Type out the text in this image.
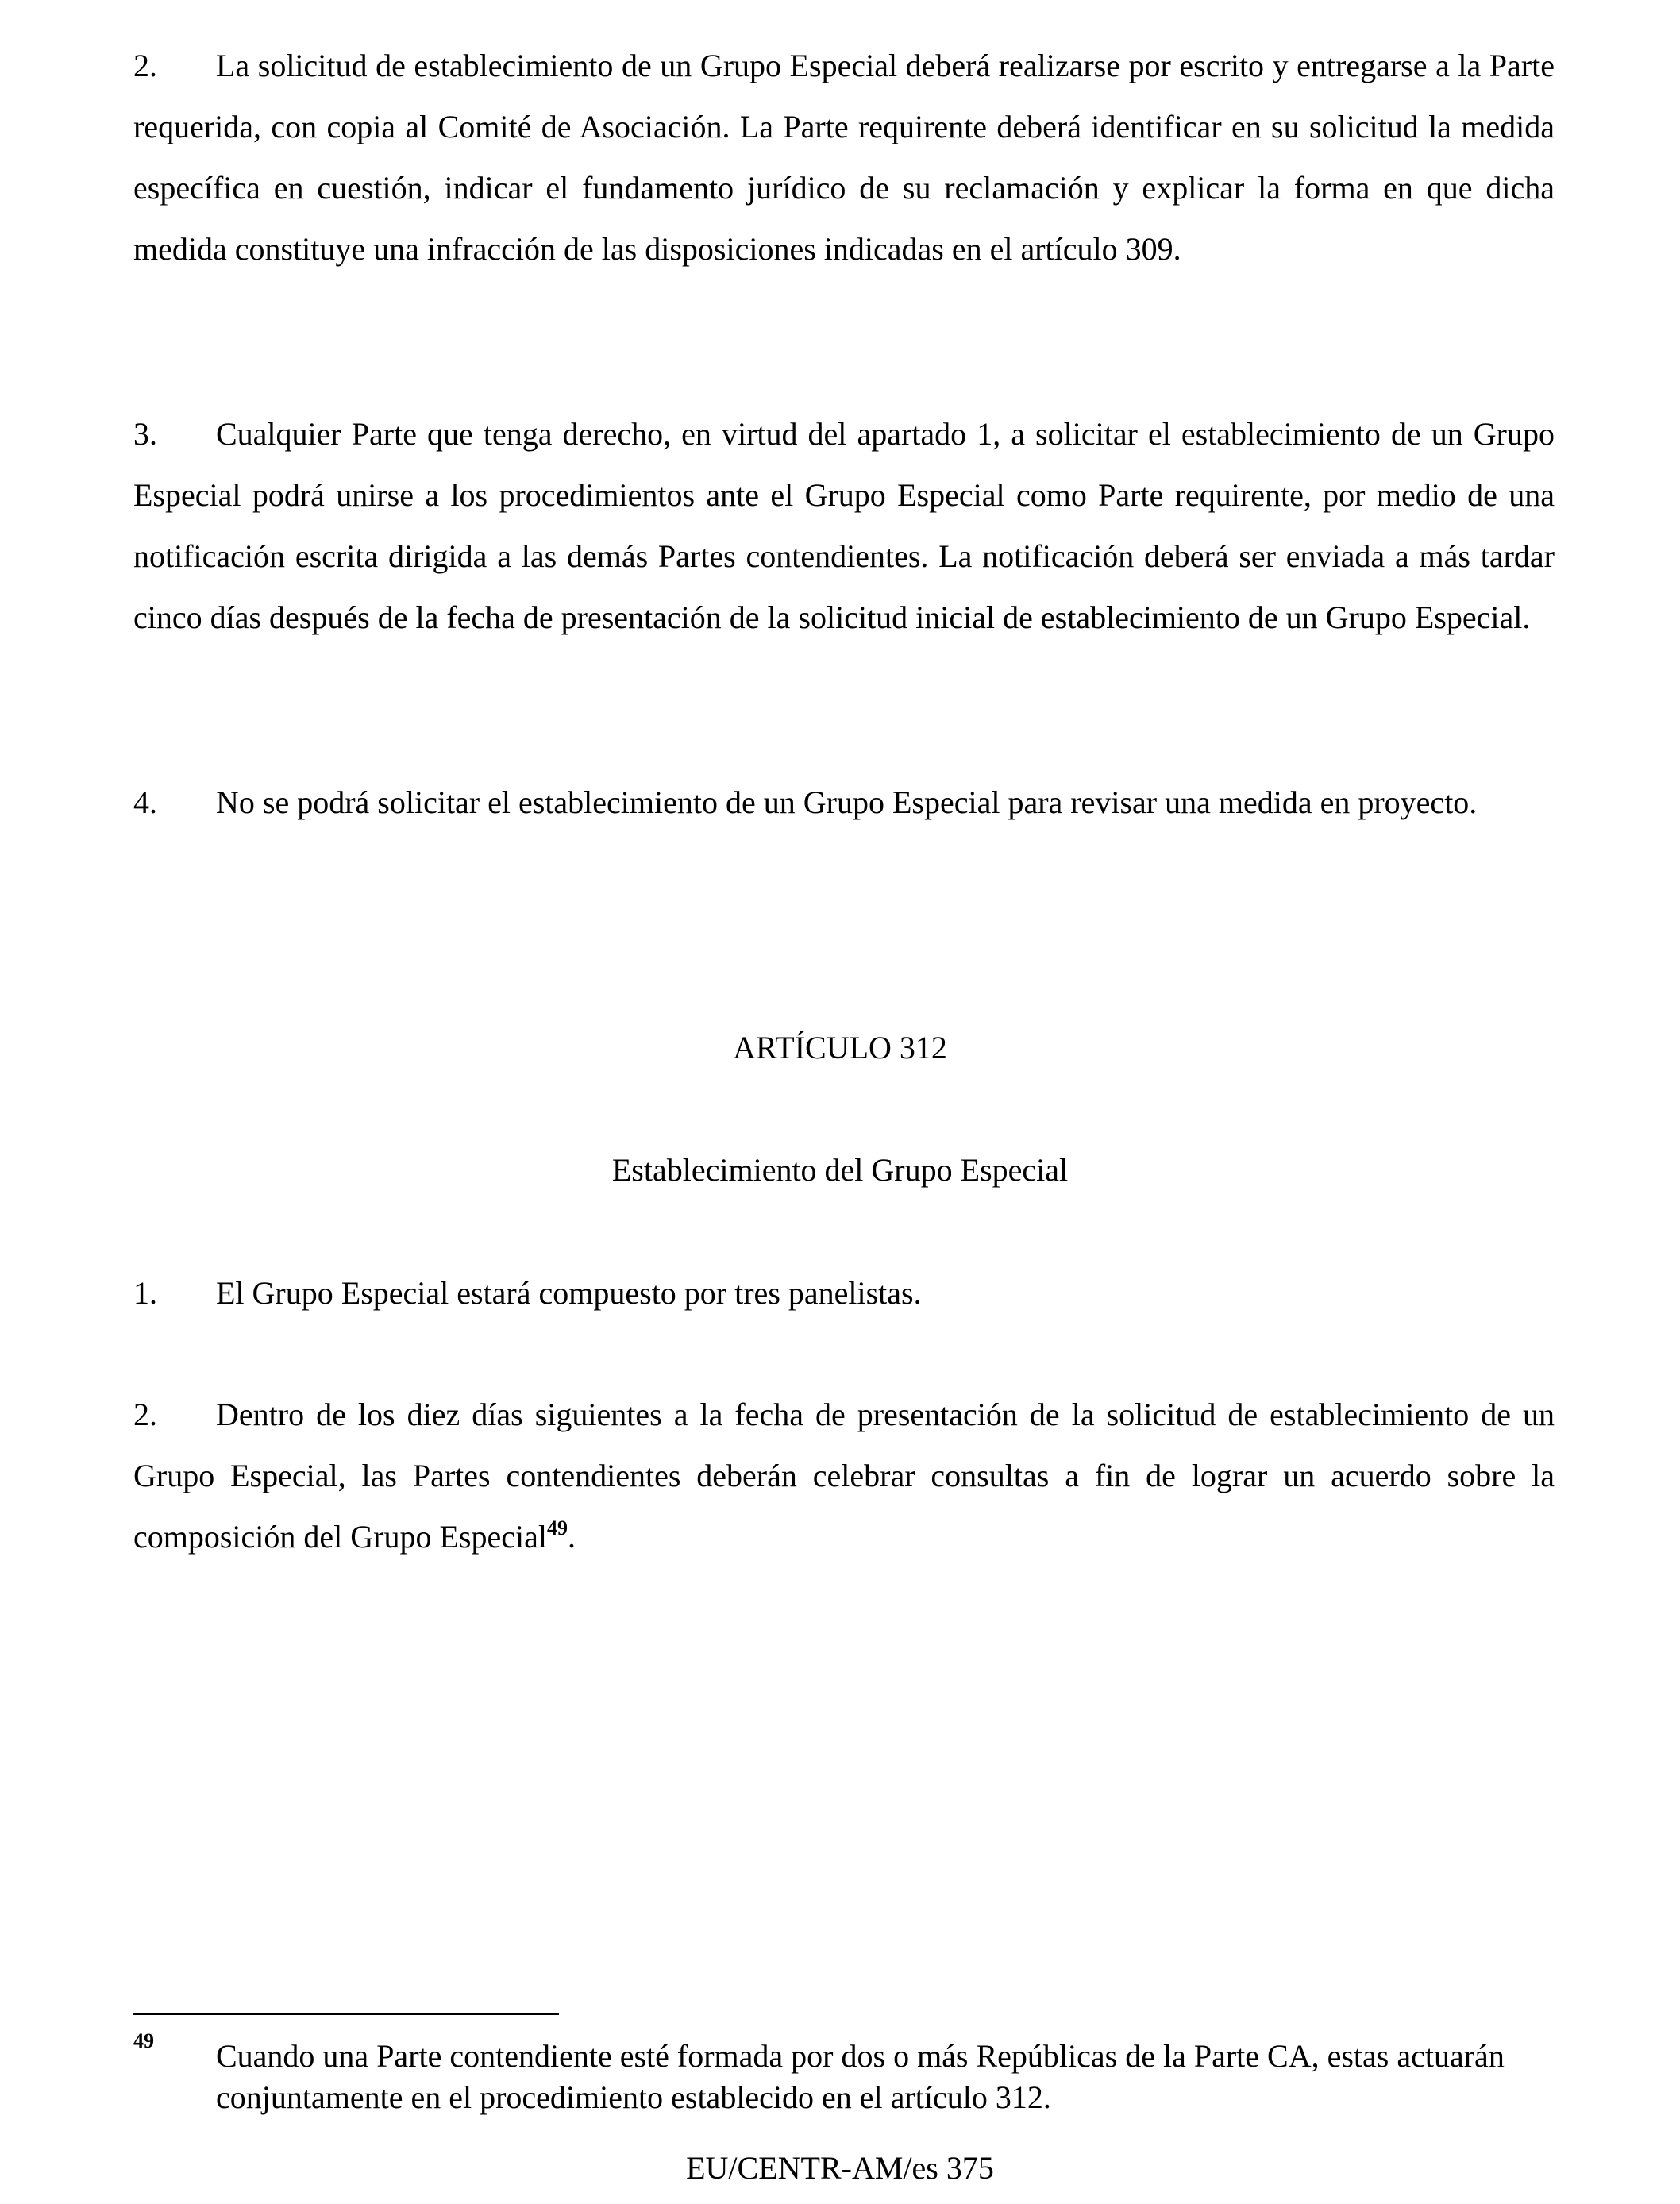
2. La solicitud de establecimiento de un Grupo Especial deberá realizarse por escrito y entregarse a la Parte requerida, con copia al Comité de Asociación. La Parte requirente deberá identificar en su solicitud la medida específica en cuestión, indicar el fundamento jurídico de su reclamación y explicar la forma en que dicha medida constituye una infracción de las disposiciones indicadas en el artículo 309.

3. Cualquier Parte que tenga derecho, en virtud del apartado 1, a solicitar el establecimiento de un Grupo Especial podrá unirse a los procedimientos ante el Grupo Especial como Parte requirente, por medio de una notificación escrita dirigida a las demás Partes contendientes. La notificación deberá ser enviada a más tardar cinco días después de la fecha de presentación de la solicitud inicial de establecimiento de un Grupo Especial.

4. No se podrá solicitar el establecimiento de un Grupo Especial para revisar una medida en proyecto.

ARTÍCULO 312

Establecimiento del Grupo Especial

1. El Grupo Especial estará compuesto por tres panelistas.

2. Dentro de los diez días siguientes a la fecha de presentación de la solicitud de establecimiento de un Grupo Especial, las Partes contendientes deberán celebrar consultas a fin de lograr un acuerdo sobre la composición del Grupo Especial$^{49}$.

49 Cuando una Parte contendiente esté formada por dos o más Repúblicas de la Parte CA, estas actuarán conjuntamente en el procedimiento establecido en el artículo 312.

EU/CENTR-AM/es 375
